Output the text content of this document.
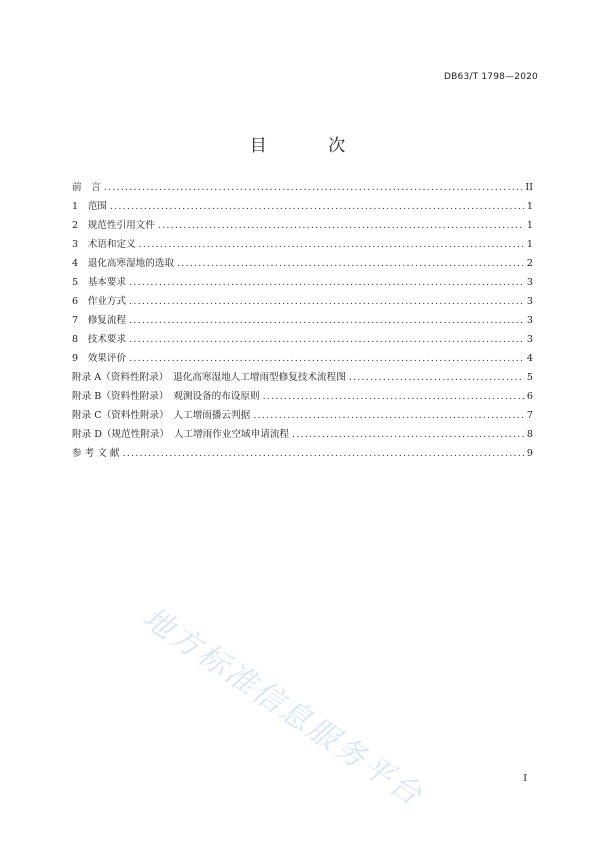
DB63/T 1798—2020
目 次
前　言 .....	II
1　范围 .....	1
2　规范性引用文件 .....	1
3　术语和定义 .....	1
4　退化高寒湿地的选取 .....	2
5　基本要求 .....	3
6　作业方式 .....	3
7　修复流程 .....	3
8　技术要求 .....	3
9　效果评价 .....	4
附录 A（资料性附录）　退化高寒湿地人工增雨型修复技术流程图 .....	5
附录 B（资料性附录）　观测设备的布设原则 .....	6
附录 C（资料性附录）　人工增雨播云判据 .....	7
附录 D（规范性附录）　人工增雨作业空域申请流程 .....	8
参 考 文 献 .....	9
地方标准信息服务平台	I
